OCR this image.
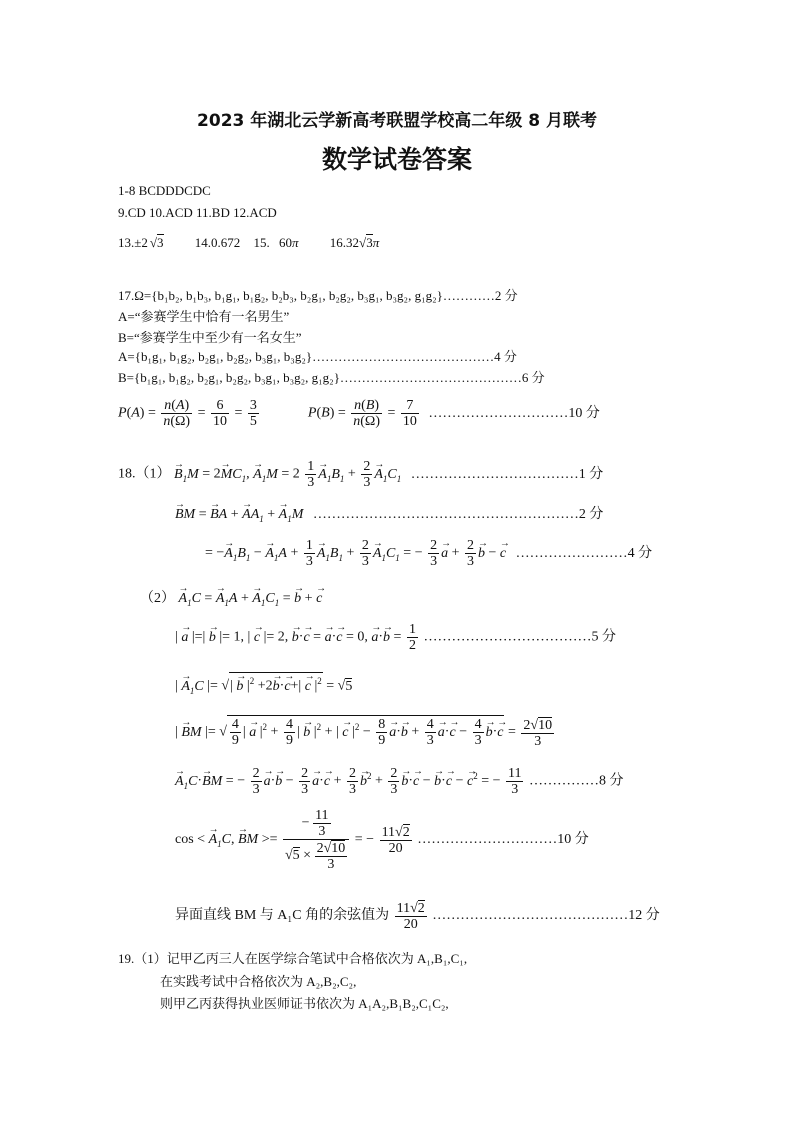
2023 年湖北云学新高考联盟学校高二年级 8 月联考
数学试卷答案
1-8 BCDDDCDC
9.CD 10.ACD 11.BD 12.ACD
13.±2 √3 14.0.672 15. 60π 16.32√3π
17.Ω={b₁b₂, b₁b₃, b₁g₁, b₁g₂, b₂b₃, b₂g₁, b₂g₂, b₃g₁, b₃g₂, g₁g₂}…………2 分
A=“参赛学生中恰有一名男生”
B=“参赛学生中至少有一名女生”
A={b₁g₁, b₁g₂, b₂g₁, b₂g₂, b₃g₁, b₃g₂}……………………………………4 分
B={b₁g₁, b₁g₂, b₂g₁, b₂g₂, b₃g₁, b₃g₂, g₁g₂}……………………………………6 分
$P(A) = \frac{n(A)}{n(\Omega)} = \frac{6}{10} = \frac{3}{5}$	$P(B) = \frac{n(B)}{n(\Omega)} = \frac{7}{10}$ …………………………10 分
$18.(1) \to B_1M = 2\to MC_1$, → $A_1M = 2 \frac{1}{3}$
→ $A_1B_1 + \frac{2}{3}$
→ $A_1C_1$ ………………………………1 分
→ BM = → BA + → $AA_1$ + → $A_1M$ …………………………………………………2 分
= −→ $A_1B_1$ − → $A_1A + \frac{1}{3}$
→ $A_1B_1 + \frac{2}{3}$
→ $A_1C_1$ = − $\frac{2}{3}$
→ $a + \frac{2}{3}$
→ b − → c ……………………4 分
$(2) \to A_1C$ = → $A_1A$ + → $A_1C_1$ = → b + → c
| → a |=| → b |= 1, | → c |= 2, → b·→ c = → a·→ c = 0, → $a\cdot\to b = \frac{1}{2}$ ………………………………5 分
| → $A_1C$ |= √| → b $|^2 +2\to b\cdot\to c+| \to c$ $|^2 = √5$
| → BM |= √ $\frac{4}{9}$ | → a $|^2 + \frac{4}{9}$ | → b $|^2$ + | → c $|^2 - \frac{8}{9}$
→ $a\cdot\to b + \frac{4}{3}$
→ $a\cdot\to c - \frac{4}{3}$
→ $b\cdot\to c = \frac{2√10}{3}$
→ $A_1C\cdot\to$ BM = − $\frac{2}{3}$
→ $a\cdot\to b - \frac{2}{3}$
→ $a\cdot\to c + \frac{2}{3}$
→ $b^2 + \frac{2}{3}$
→ b·→ c − → b·→ c − → $c^2$ = − $\frac{11}{3}$ ……………8 分
cos < → $A_1C$, → BM >= $\frac{- \frac{11}{3}}{√5 \times \frac{2√10}{3}}$ = − $\frac{11√2}{20}$ …………………………10 分
异面直线 BM 与 A₁C 角的余弦值为 $\frac{11√2}{20}$ ……………………………………12 分
19.（1）记甲乙丙三人在医学综合笔试中合格依次为 A₁,B₁,C₁,
在实践考试中合格依次为 A₂,B₂,C₂,
则甲乙丙获得执业医师证书依次为 A₁A₂,B₁B₂,C₁C₂,
